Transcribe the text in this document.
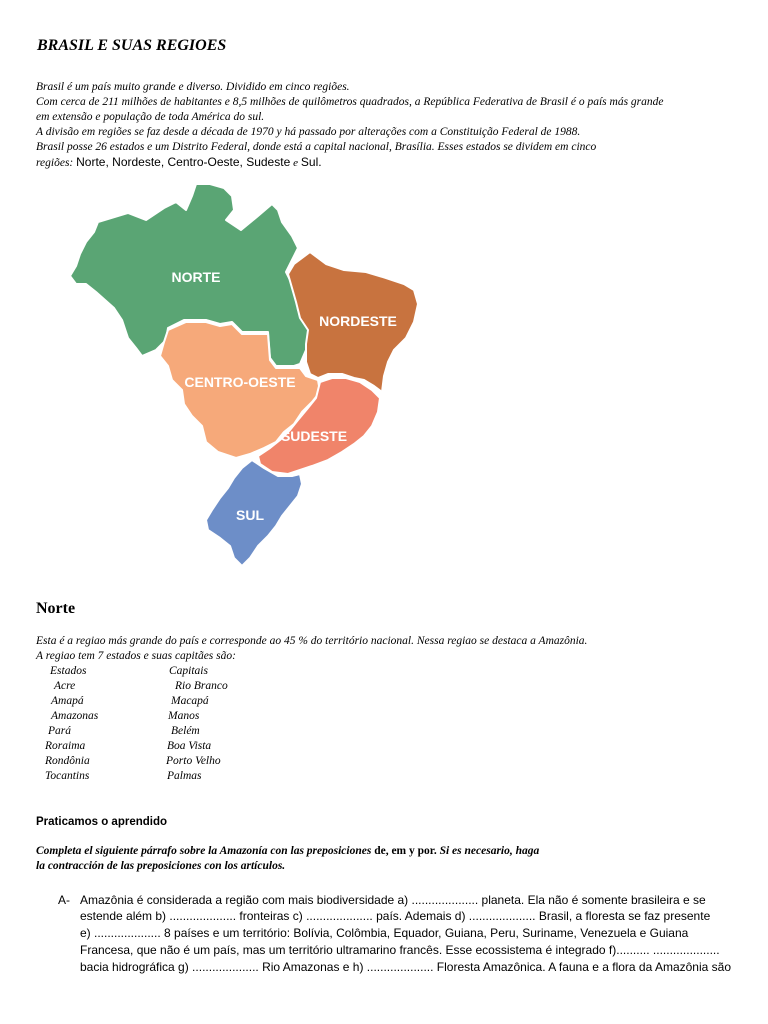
BRASIL E SUAS REGIOES
Brasil é um país muito grande e diverso. Dividido em cinco regiões.
Com cerca de 211 milhões de habitantes e 8,5 milhões de quilômetros quadrados, a República Federativa de Brasil é o país más grande
em extensão e população de toda América do sul.
A divisão em regiões se faz desde a década de 1970 y há passado por alterações com a Constituição Federal de 1988.
Brasil posse 26 estados e um Distrito Federal, donde está a capital nacional, Brasília. Esses estados se dividem em cinco
regiões: Norte, Nordeste, Centro-Oeste, Sudeste e Sul.
NORTE
NORDESTE
CENTRO-OESTE
SUDESTE
SUL
Norte
Esta é a regiao más grande do país e corresponde ao 45 % do território nacional. Nessa regiao se destaca a Amazônia.
A regiao tem 7 estados e suas capitães são:
Estados	Capitais
Acre	Rio Branco
Amapá	Macapá
Amazonas	Manos
Pará	Belém
Roraima	Boa Vista
Rondônia	Porto Velho
Tocantins	Palmas
Praticamos o aprendido
Completa el siguiente párrafo sobre la Amazonía con las preposiciones de, em y por. Si es necesario, haga
la contracción de las preposiciones con los artículos.
A- Amazônia é considerada a região com mais biodiversidade a) .................... planeta. Ela não é somente brasileira e se
estende além b) .................... fronteiras c) .................... país. Ademais d) .................... Brasil, a floresta se faz presente
e) .................... 8 países e um território: Bolívia, Colômbia, Equador, Guiana, Peru, Suriname, Venezuela e Guiana
Francesa, que não é um país, mas um território ultramarino francês. Esse ecossistema é integrado f).......... ....................
bacia hidrográfica g) .................... Rio Amazonas e h) .................... Floresta Amazônica. A fauna e a flora da Amazônia são
